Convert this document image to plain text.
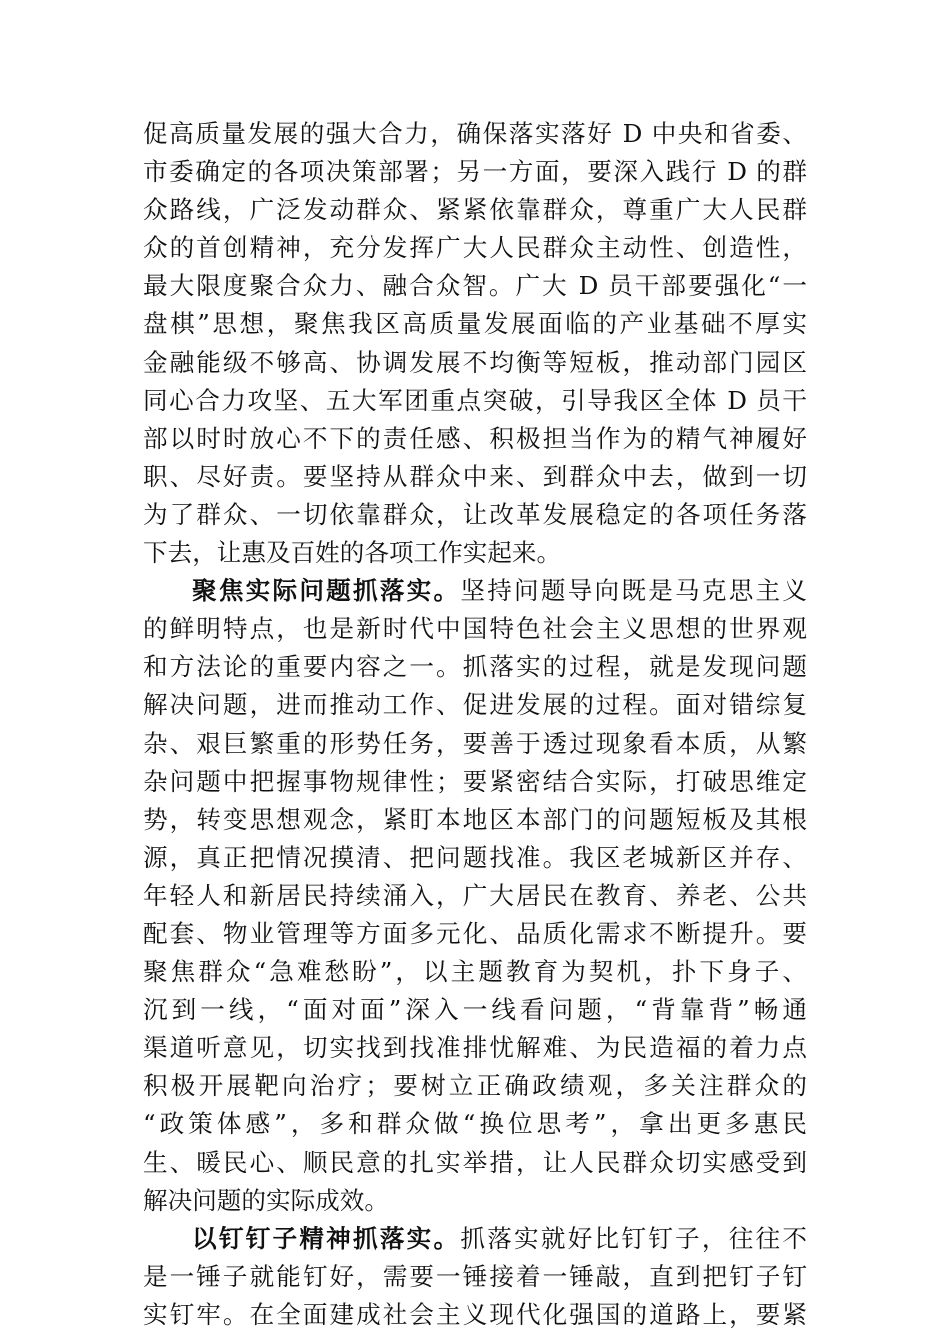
促高质量发展的强大合力，确保落实落好 D 中央和省委、
市委确定的各项决策部署；另一方面，要深入践行 D 的群
众路线，广泛发动群众、紧紧依靠群众，尊重广大人民群
众的首创精神，充分发挥广大人民群众主动性、创造性，
最大限度聚合众力、融合众智。广大 D 员干部要强化“一
盘棋”思想，聚焦我区高质量发展面临的产业基础不厚实
金融能级不够高、协调发展不均衡等短板，推动部门园区
同心合力攻坚、五大军团重点突破，引导我区全体 D 员干
部以时时放心不下的责任感、积极担当作为的精气神履好
职、尽好责。要坚持从群众中来、到群众中去，做到一切
为了群众、一切依靠群众，让改革发展稳定的各项任务落
下去，让惠及百姓的各项工作实起来。
聚焦实际问题抓落实。坚持问题导向既是马克思主义
的鲜明特点，也是新时代中国特色社会主义思想的世界观
和方法论的重要内容之一。抓落实的过程，就是发现问题
解决问题，进而推动工作、促进发展的过程。面对错综复
杂、艰巨繁重的形势任务，要善于透过现象看本质，从繁
杂问题中把握事物规律性；要紧密结合实际，打破思维定
势，转变思想观念，紧盯本地区本部门的问题短板及其根
源，真正把情况摸清、把问题找准。我区老城新区并存、
年轻人和新居民持续涌入，广大居民在教育、养老、公共
配套、物业管理等方面多元化、品质化需求不断提升。要
聚焦群众“急难愁盼”，以主题教育为契机，扑下身子、
沉到一线，“面对面”深入一线看问题，“背靠背”畅通
渠道听意见，切实找到找准排忧解难、为民造福的着力点
积极开展靶向治疗；要树立正确政绩观，多关注群众的
“政策体感”，多和群众做“换位思考”，拿出更多惠民
生、暖民心、顺民意的扎实举措，让人民群众切实感受到
解决问题的实际成效。
以钉钉子精神抓落实。抓落实就好比钉钉子，往往不
是一锤子就能钉好，需要一锤接着一锤敲，直到把钉子钉
实钉牢。在全面建成社会主义现代化强国的道路上，要紧
